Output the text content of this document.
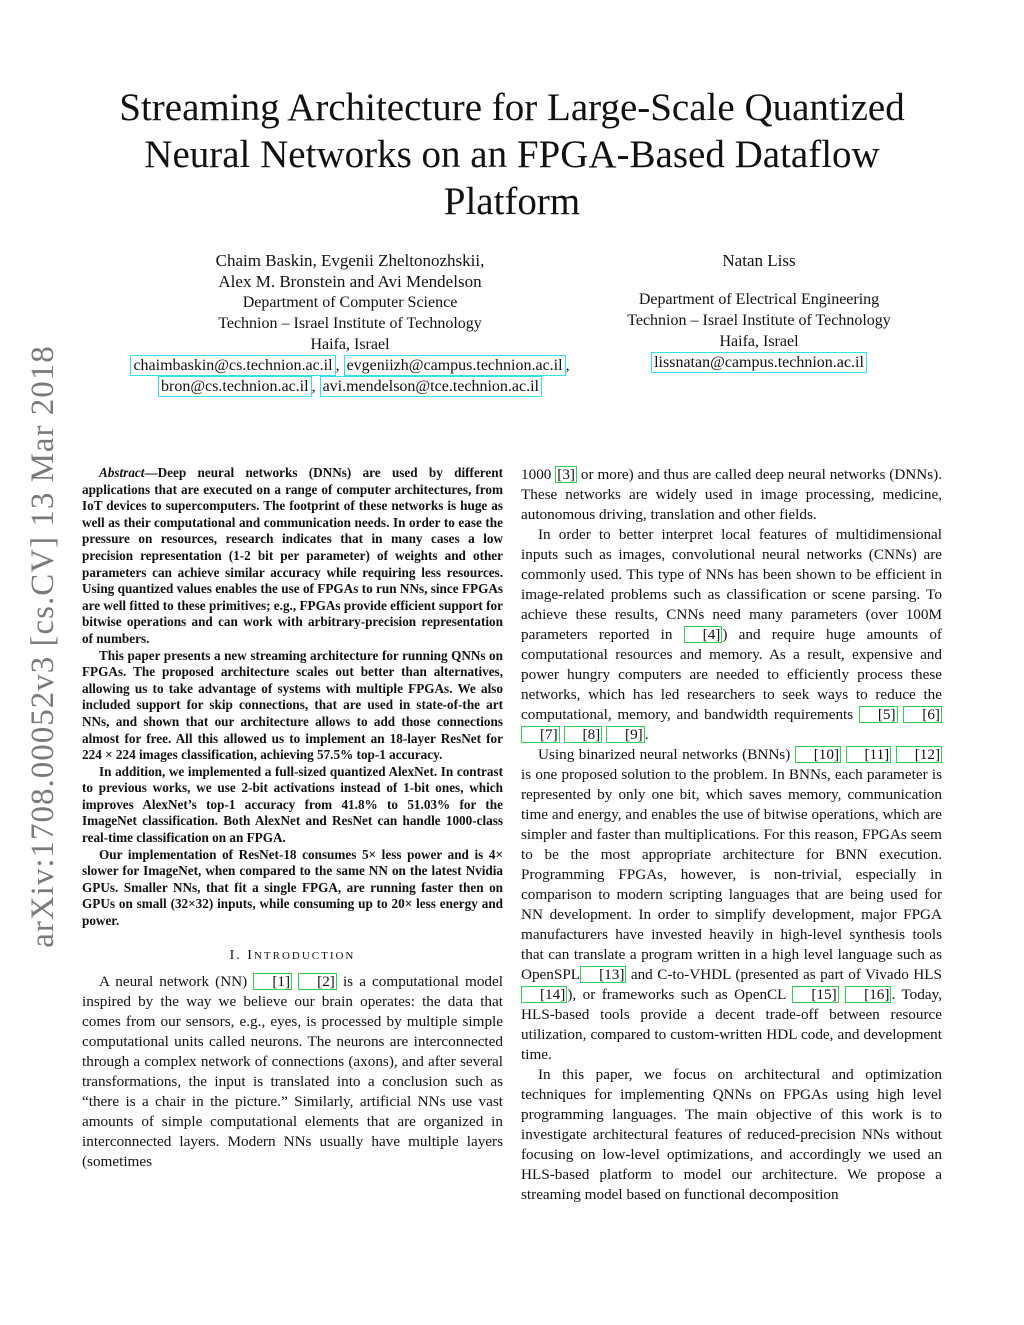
arXiv:1708.00052v3 [cs.CV] 13 Mar 2018
Streaming Architecture for Large-Scale Quantized
Neural Networks on an FPGA-Based Dataflow
Platform
Chaim Baskin, Evgenii Zheltonozhskii,
Alex M. Bronstein and Avi Mendelson
Department of Computer Science
Technion – Israel Institute of Technology
Haifa, Israel
chaimbaskin@cs.technion.ac.il , evgeniizh@campus.technion.ac.il ,
bron@cs.technion.ac.il , avi.mendelson@tce.technion.ac.il
Natan Liss
Department of Electrical Engineering
Technion – Israel Institute of Technology
Haifa, Israel
lissnatan@campus.technion.ac.il

Abstract—Deep neural networks (DNNs) are used by different applications that are executed on a range of computer architectures, from IoT devices to supercomputers. The footprint of these networks is huge as well as their computational and communication needs. In order to ease the pressure on resources, research indicates that in many cases a low precision representation (1-2 bit per parameter) of weights and other parameters can achieve similar accuracy while requiring less resources. Using quantized values enables the use of FPGAs to run NNs, since FPGAs are well fitted to these primitives; e.g., FPGAs provide efficient support for bitwise operations and can work with arbitrary-precision representation of numbers.

This paper presents a new streaming architecture for running QNNs on FPGAs. The proposed architecture scales out better than alternatives, allowing us to take advantage of systems with multiple FPGAs. We also included support for skip connections, that are used in state-of-the art NNs, and shown that our architecture allows to add those connections almost for free. All this allowed us to implement an 18-layer ResNet for 224 × 224 images classification, achieving 57.5% top-1 accuracy.

In addition, we implemented a full-sized quantized AlexNet. In contrast to previous works, we use 2-bit activations instead of 1-bit ones, which improves AlexNet’s top-1 accuracy from 41.8% to 51.03% for the ImageNet classification. Both AlexNet and ResNet can handle 1000-class real-time classification on an FPGA.

Our implementation of ResNet-18 consumes 5× less power and is 4× slower for ImageNet, when compared to the same NN on the latest Nvidia GPUs. Smaller NNs, that fit a single FPGA, are running faster then on GPUs on small (32×32) inputs, while consuming up to 20× less energy and power.

I. INTRODUCTION

A neural network (NN) [1] [2] is a computational model inspired by the way we believe our brain operates: the data that comes from our sensors, e.g., eyes, is processed by multiple simple computational units called neurons. The neurons are interconnected through a complex network of connections (axons), and after several transformations, the input is translated into a conclusion such as “there is a chair in the picture.” Similarly, artificial NNs use vast amounts of simple computational elements that are organized in interconnected layers. Modern NNs usually have multiple layers (sometimes

1000 [3] or more) and thus are called deep neural networks (DNNs). These networks are widely used in image processing, medicine, autonomous driving, translation and other fields.

In order to better interpret local features of multidimensional inputs such as images, convolutional neural networks (CNNs) are commonly used. This type of NNs has been shown to be efficient in image-related problems such as classification or scene parsing. To achieve these results, CNNs need many parameters (over 100M parameters reported in [4] ) and require huge amounts of computational resources and memory. As a result, expensive and power hungry computers are needed to efficiently process these networks, which has led researchers to seek ways to reduce the computational, memory, and bandwidth requirements [5] [6] [7] [8] [9] .

Using binarized neural networks (BNNs) [10] [11] [12] is one proposed solution to the problem. In BNNs, each parameter is represented by only one bit, which saves memory, communication time and energy, and enables the use of bitwise operations, which are simpler and faster than multiplications. For this reason, FPGAs seem to be the most appropriate architecture for BNN execution. Programming FPGAs, however, is non-trivial, especially in comparison to modern scripting languages that are being used for NN development. In order to simplify development, major FPGA manufacturers have invested heavily in high-level synthesis tools that can translate a program written in a high level language such as OpenSPL [13] and C-to-VHDL (presented as part of Vivado HLS [14] ), or frameworks such as OpenCL [15] [16] . Today, HLS-based tools provide a decent trade-off between resource utilization, compared to custom-written HDL code, and development time.

In this paper, we focus on architectural and optimization techniques for implementing QNNs on FPGAs using high level programming languages. The main objective of this work is to investigate architectural features of reduced-precision NNs without focusing on low-level optimizations, and accordingly we used an HLS-based platform to model our architecture. We propose a streaming model based on functional decomposition
